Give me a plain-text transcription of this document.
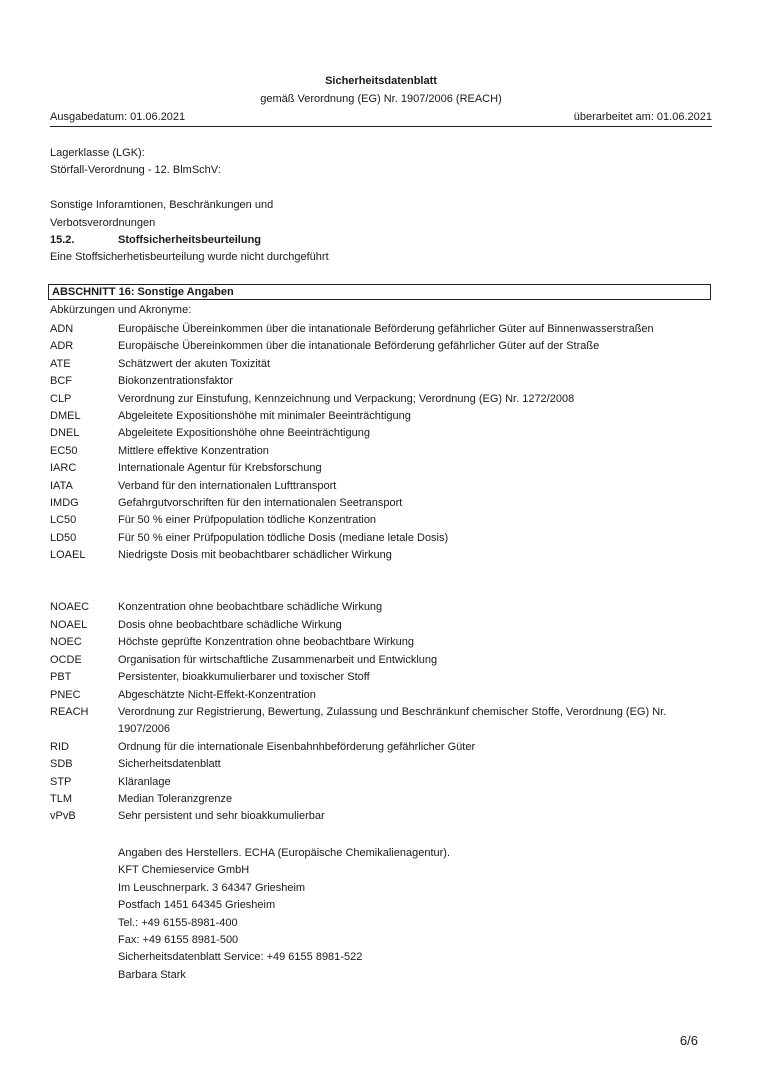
Sicherheitsdatenblatt
gemäß Verordnung (EG) Nr. 1907/2006 (REACH)
Ausgabedatum: 01.06.2021	überarbeitet am: 01.06.2021
Lagerklasse (LGK):
Störfall-Verordnung - 12. BlmSchV:
Sonstige Inforamtionen, Beschränkungen und
Verbotsverordnungen
15.2.	Stoffsicherheitsbeurteilung
Eine Stoffsicherhetisbeurteilung wurde nicht durchgeführt
ABSCHNITT 16: Sonstige Angaben
Abkürzungen und Akronyme:
ADN	Europäische Übereinkommen über die intanationale Beförderung gefährlicher Güter auf Binnenwasserstraßen
ADR	Europäische Übereinkommen über die intanationale Beförderung gefährlicher Güter auf der Straße
ATE	Schätzwert der akuten Toxizität
BCF	Biokonzentrationsfaktor
CLP	Verordnung zur Einstufung, Kennzeichnung und Verpackung; Verordnung (EG) Nr. 1272/2008
DMEL	Abgeleitete Expositionshöhe mit minimaler Beeinträchtigung
DNEL	Abgeleitete Expositionshöhe ohne Beeinträchtigung
EC50	Mittlere effektive Konzentration
IARC	Internationale Agentur für Krebsforschung
IATA	Verband für den internationalen Lufttransport
IMDG	Gefahrgutvorschriften für den internationalen Seetransport
LC50	Für 50 % einer Prüfpopulation tödliche Konzentration
LD50	Für 50 % einer Prüfpopulation tödliche Dosis (mediane letale Dosis)
LOAEL	Niedrigste Dosis mit beobachtbarer schädlicher Wirkung
NOAEC	Konzentration ohne beobachtbare schädliche Wirkung
NOAEL	Dosis ohne beobachtbare schädliche Wirkung
NOEC	Höchste geprüfte Konzentration ohne beobachtbare Wirkung
OCDE	Organisation für wirtschaftliche Zusammenarbeit und Entwicklung
PBT	Persistenter, bioakkumulierbarer und toxischer Stoff
PNEC	Abgeschätzte Nicht-Effekt-Konzentration
REACH	Verordnung zur Registrierung, Bewertung, Zulassung und Beschränkunf chemischer Stoffe, Verordnung (EG) Nr. 1907/2006
RID	Ordnung für die internationale Eisenbahnhbeförderung gefährlicher Güter
SDB	Sicherheitsdatenblatt
STP	Kläranlage
TLM	Median Toleranzgrenze
vPvB	Sehr persistent und sehr bioakkumulierbar
Angaben des Herstellers. ECHA (Europäische Chemikalienagentur).
KFT Chemieservice GmbH
Im Leuschnerpark. 3 64347 Griesheim
Postfach 1451 64345 Griesheim
Tel.: +49 6155-8981-400
Fax: +49 6155 8981-500
Sicherheitsdatenblatt Service: +49 6155 8981-522
Barbara Stark
6/6
